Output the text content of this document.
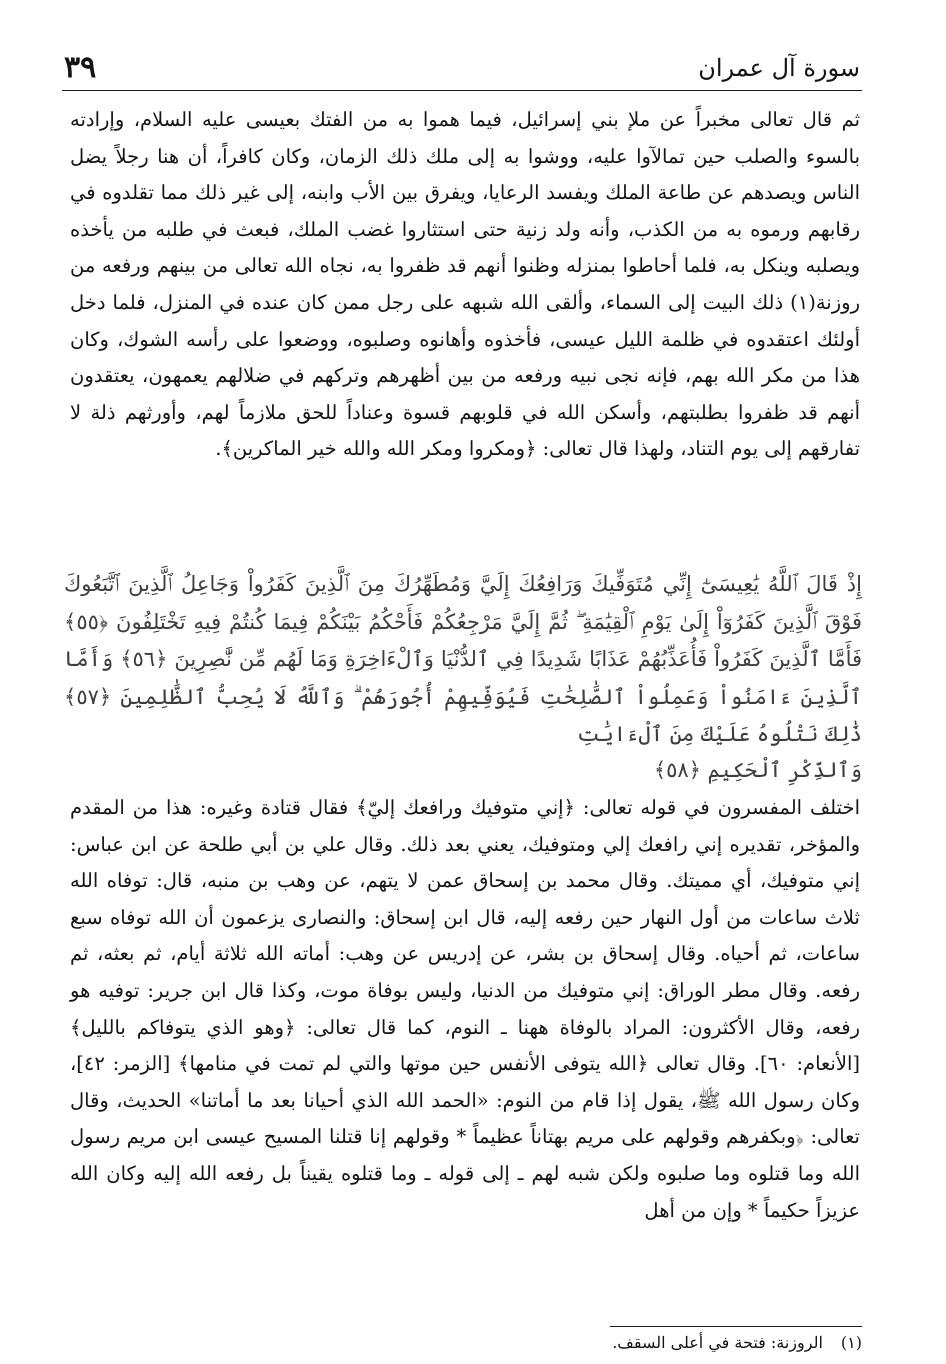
سورة آل عمران
٣٩

ثم قال تعالى مخبراً عن ملإ بني إسرائيل، فيما هموا به من الفتك بعيسى عليه السلام، وإرادته بالسوء والصلب حين تمالآوا عليه، ووشوا به إلى ملك ذلك الزمان، وكان كافراً، أن هنا رجلاً يضل الناس ويصدهم عن طاعة الملك ويفسد الرعايا، ويفرق بين الأب وابنه، إلى غير ذلك مما تقلدوه في رقابهم ورموه به من الكذب، وأنه ولد زنية حتى استثاروا غضب الملك، فبعث في طلبه من يأخذه ويصلبه وينكل به، فلما أحاطوا بمنزله وظنوا أنهم قد ظفروا به، نجاه الله تعالى من بينهم ورفعه من روزنة(١) ذلك البيت إلى السماء، وألقى الله شبهه على رجل ممن كان عنده في المنزل، فلما دخل أولئك اعتقدوه في ظلمة الليل عيسى، فأخذوه وأهانوه وصلبوه، ووضعوا على رأسه الشوك، وكان هذا من مكر الله بهم، فإنه نجى نبيه ورفعه من بين أظهرهم وتركهم في ضلالهم يعمهون، يعتقدون أنهم قد ظفروا بطلبتهم، وأسكن الله في قلوبهم قسوة وعناداً للحق ملازماً لهم، وأورثهم ذلة لا تفارقهم إلى يوم التناد، ولهذا قال تعالى: ﴿ومكروا ومكر الله والله خير الماكرين﴾.

إِذْ قَالَ ٱللَّهُ يَٰعِيسَىٰٓ إِنِّي مُتَوَفِّيكَ وَرَافِعُكَ إِلَيَّ وَمُطَهِّرُكَ مِنَ ٱلَّذِينَ كَفَرُواْ وَجَاعِلُ ٱلَّذِينَ ٱتَّبَعُوكَ فَوْقَ ٱلَّذِينَ كَفَرُوٓاْ إِلَىٰ يَوْمِ ٱلْقِيَٰمَةِ ۖ ثُمَّ إِلَيَّ مَرْجِعُكُمْ فَأَحْكُمُ بَيْنَكُمْ فِيمَا كُنتُمْ فِيهِ تَخْتَلِفُونَ ﴿٥٥﴾ فَأَمَّا ٱلَّذِينَ كَفَرُواْ فَأُعَذِّبُهُمْ عَذَابًا شَدِيدًا فِي ٱلدُّنْيَا وَٱلْءَاخِرَةِ وَمَا لَهُم مِّن نَّٰصِرِينَ ﴿٥٦﴾ وَأَمَّا ٱلَّذِينَ ءَامَنُواْ وَعَمِلُواْ ٱلصَّٰلِحَٰتِ فَيُوَفِّيهِمْ أُجُورَهُمْ ۗ وَٱللَّهُ لَا يُحِبُّ ٱلظَّٰلِمِينَ ﴿٥٧﴾ ذَٰلِكَ نَتْلُوهُ عَلَيْكَ مِنَ ٱلْءَايَٰتِ

وَٱلذِّكْرِ ٱلْحَكِيمِ ﴿٥٨﴾

اختلف المفسرون في قوله تعالى: ﴿إني متوفيك ورافعك إليّ﴾ فقال قتادة وغيره: هذا من المقدم والمؤخر، تقديره إني رافعك إلي ومتوفيك، يعني بعد ذلك. وقال علي بن أبي طلحة عن ابن عباس: إني متوفيك، أي مميتك. وقال محمد بن إسحاق عمن لا يتهم، عن وهب بن منبه، قال: توفاه الله ثلاث ساعات من أول النهار حين رفعه إليه، قال ابن إسحاق: والنصارى يزعمون أن الله توفاه سبع ساعات، ثم أحياه. وقال إسحاق بن بشر، عن إدريس عن وهب: أماته الله ثلاثة أيام، ثم بعثه، ثم رفعه. وقال مطر الوراق: إني متوفيك من الدنيا، وليس بوفاة موت، وكذا قال ابن جرير: توفيه هو رفعه، وقال الأكثرون: المراد بالوفاة ههنا ـ النوم، كما قال تعالى: ﴿وهو الذي يتوفاكم بالليل﴾ [الأنعام: ٦٠]. وقال تعالى ﴿الله يتوفى الأنفس حين موتها والتي لم تمت في منامها﴾ [الزمر: ٤٢]، وكان رسول الله ﷺ، يقول إذا قام من النوم: «الحمد الله الذي أحيانا بعد ما أماتنا» الحديث، وقال تعالى: ﴿وبكفرهم وقولهم على مريم بهتاناً عظيماً * وقولهم إنا قتلنا المسيح عيسى ابن مريم رسول الله وما قتلوه وما صلبوه ولكن شبه لهم ـ إلى قوله ـ وما قتلوه يقيناً بل رفعه الله إليه وكان الله عزيزاً حكيماً * وإن من أهل

(١)
الروزنة: فتحة في أعلى السقف.
